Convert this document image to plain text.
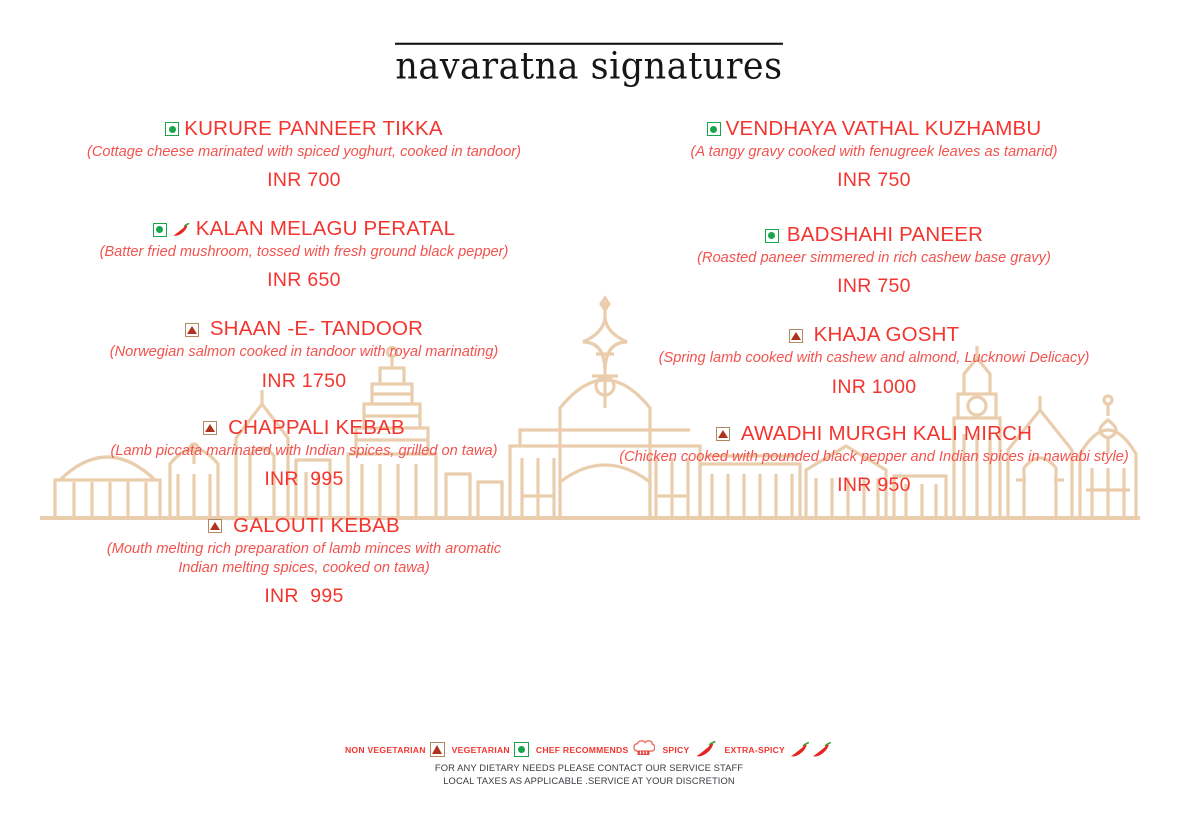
navaratna signatures
KURURE PANNEER TIKKA
(Cottage cheese marinated with spiced yoghurt, cooked in tandoor)
INR 700
KALAN MELAGU PERATAL
(Batter fried mushroom, tossed with fresh ground black pepper)
INR 650
SHAAN -E- TANDOOR
(Norwegian salmon cooked in tandoor with royal marinating)
INR 1750
CHAPPALI KEBAB
(Lamb piccata marinated with Indian spices, grilled on tawa)
INR  995
GALOUTI KEBAB
(Mouth melting rich preparation of lamb minces with aromatic Indian melting spices, cooked on tawa)
INR  995
VENDHAYA VATHAL KUZHAMBU
(A tangy gravy cooked with fenugreek leaves as tamarid)
INR 750
BADSHAHI PANEER
(Roasted paneer simmered in rich cashew base gravy)
INR 750
KHAJA GOSHT
(Spring lamb cooked with cashew and almond, Lucknowi Delicacy)
INR 1000
AWADHI MURGH KALI MIRCH
(Chicken cooked with pounded black pepper and Indian spices in nawabi style)
INR 950
NON VEGETARIAN	VEGETARIAN	CHEF RECOMMENDS	SPICY	EXTRA-SPICY
FOR ANY DIETARY NEEDS PLEASE CONTACT OUR SERVICE STAFF
LOCAL TAXES AS APPLICABLE .SERVICE AT YOUR DISCRETION
